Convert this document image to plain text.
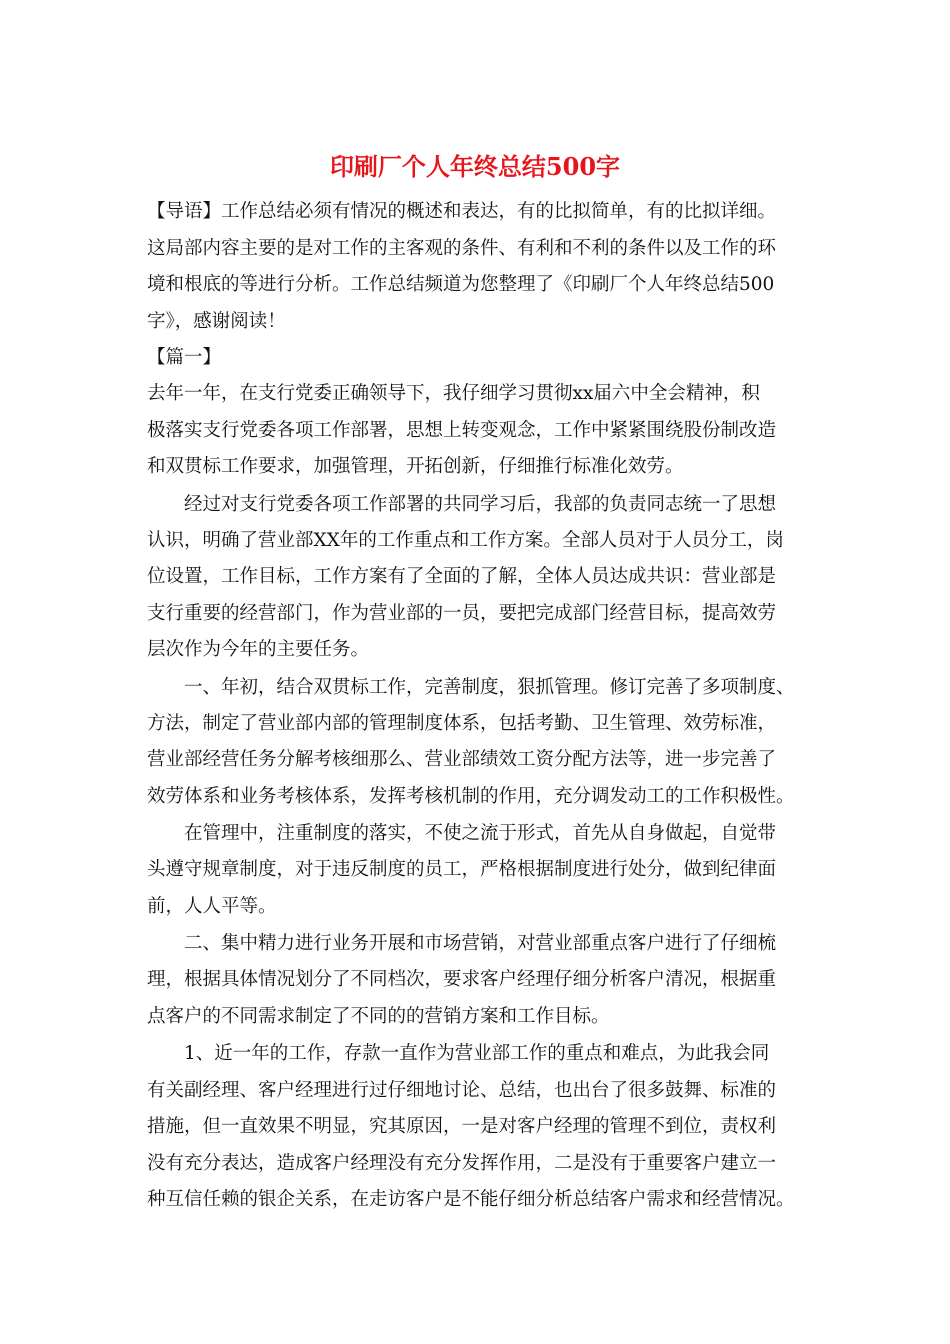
印刷厂个人年终总结500字

【导语】工作总结必须有情况的概述和表达，有的比拟简单，有的比拟详细。

这局部内容主要的是对工作的主客观的条件、有利和不利的条件以及工作的环

境和根底的等进行分析。工作总结频道为您整理了《印刷厂个人年终总结500

字》，感谢阅读！

【篇一】

去年一年，在支行党委正确领导下，我仔细学习贯彻xx届六中全会精神，积

极落实支行党委各项工作部署，思想上转变观念，工作中紧紧围绕股份制改造

和双贯标工作要求，加强管理，开拓创新，仔细推行标准化效劳。

　　经过对支行党委各项工作部署的共同学习后，我部的负责同志统一了思想

认识，明确了营业部XX年的工作重点和工作方案。全部人员对于人员分工，岗

位设置，工作目标，工作方案有了全面的了解，全体人员达成共识：营业部是

支行重要的经营部门，作为营业部的一员，要把完成部门经营目标，提高效劳

层次作为今年的主要任务。

　　一、年初，结合双贯标工作，完善制度，狠抓管理。修订完善了多项制度、

方法，制定了营业部内部的管理制度体系，包括考勤、卫生管理、效劳标准，

营业部经营任务分解考核细那么、营业部绩效工资分配方法等，进一步完善了

效劳体系和业务考核体系，发挥考核机制的作用，充分调发动工的工作积极性。

　　在管理中，注重制度的落实，不使之流于形式，首先从自身做起，自觉带

头遵守规章制度，对于违反制度的员工，严格根据制度进行处分，做到纪律面

前，人人平等。

　　二、集中精力进行业务开展和市场营销，对营业部重点客户进行了仔细梳

理，根据具体情况划分了不同档次，要求客户经理仔细分析客户清况，根据重

点客户的不同需求制定了不同的的营销方案和工作目标。

　　1、近一年的工作，存款一直作为营业部工作的重点和难点，为此我会同

有关副经理、客户经理进行过仔细地讨论、总结，也出台了很多鼓舞、标准的

措施，但一直效果不明显，究其原因，一是对客户经理的管理不到位，责权利

没有充分表达，造成客户经理没有充分发挥作用，二是没有于重要客户建立一

种互信任赖的银企关系，在走访客户是不能仔细分析总结客户需求和经营情况。
